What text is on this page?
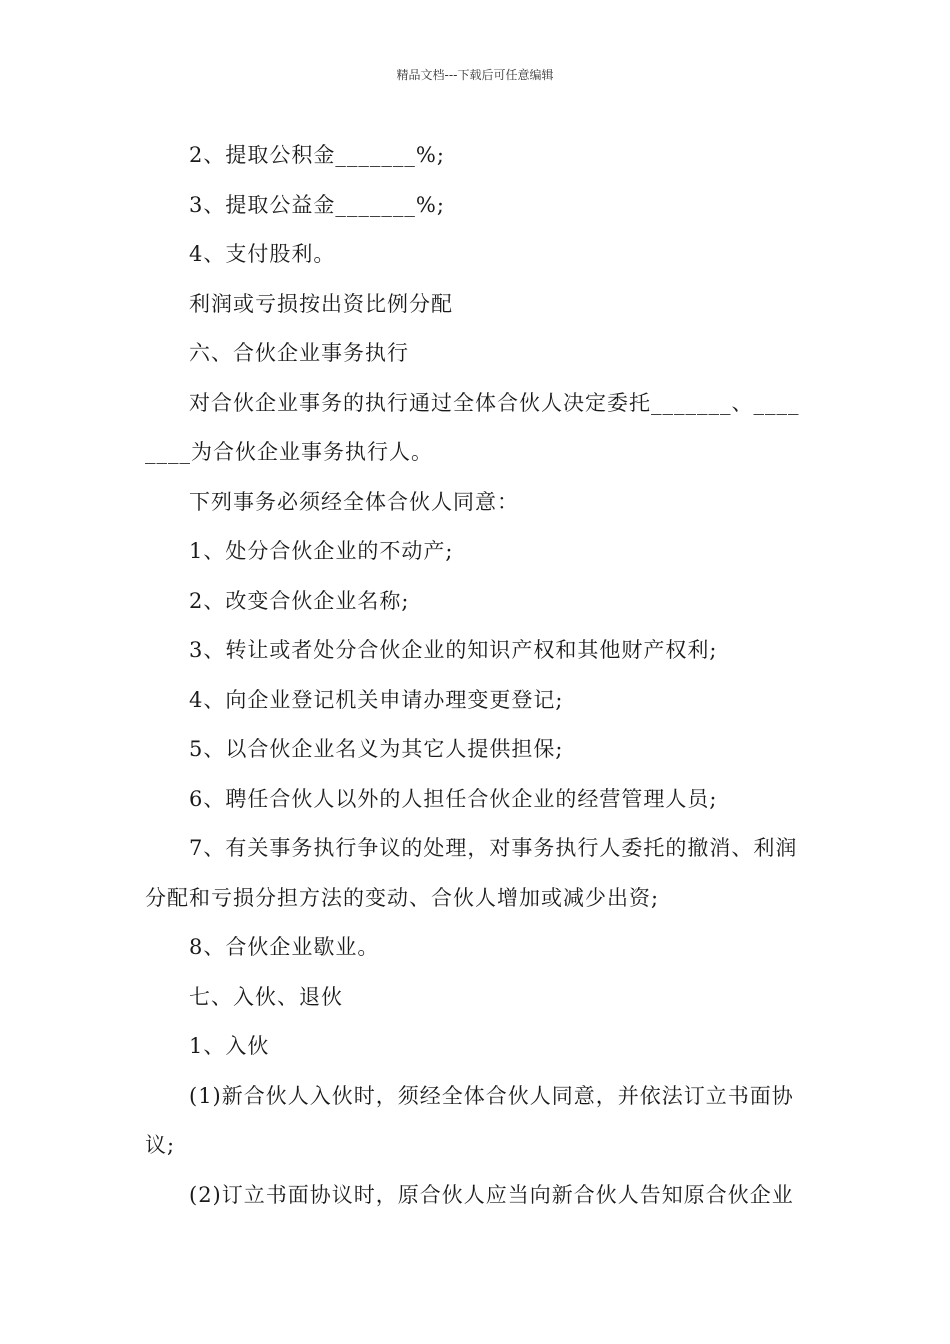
精品文档---下载后可任意编辑

2、提取公积金_______%;

3、提取公益金_______%;

4、支付股利。

利润或亏损按出资比例分配

六、合伙企业事务执行

对合伙企业事务的执行通过全体合伙人决定委托_______、________为合伙企业事务执行人。

下列事务必须经全体合伙人同意：

1、处分合伙企业的不动产;

2、改变合伙企业名称;

3、转让或者处分合伙企业的知识产权和其他财产权利;

4、向企业登记机关申请办理变更登记;

5、以合伙企业名义为其它人提供担保;

6、聘任合伙人以外的人担任合伙企业的经营管理人员;

7、有关事务执行争议的处理，对事务执行人委托的撤消、利润分配和亏损分担方法的变动、合伙人增加或减少出资;

8、合伙企业歇业。

七、入伙、退伙

1、入伙

(1)新合伙人入伙时，须经全体合伙人同意，并依法订立书面协议;

(2)订立书面协议时，原合伙人应当向新合伙人告知原合伙企业
